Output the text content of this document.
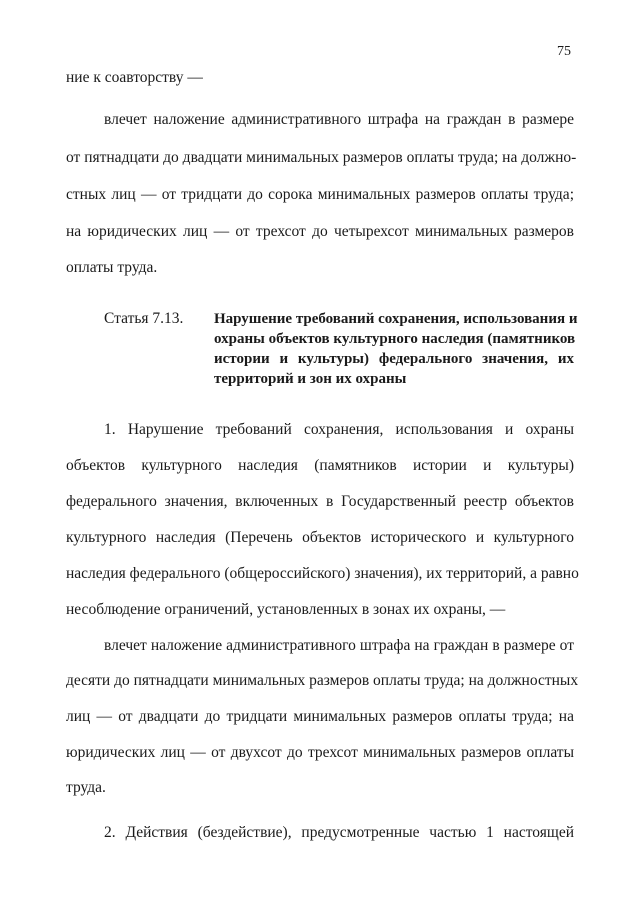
75
ние к соавторству —
влечет наложение административного штрафа на граждан в размере
от пятнадцати до двадцати минимальных размеров оплаты труда; на должно-
стных лиц — от тридцати до сорока минимальных размеров оплаты труда;
на юридических лиц — от трехсот до четырехсот минимальных размеров
оплаты труда.
Статья 7.13. Нарушение требований сохранения, использования и
охраны объектов культурного наследия (памятников
истории и культуры) федерального значения, их
территорий и зон их охраны
1. Нарушение требований сохранения, использования и охраны
объектов культурного наследия (памятников истории и культуры)
федерального значения, включенных в Государственный реестр объектов
культурного наследия (Перечень объектов исторического и культурного
наследия федерального (общероссийского) значения), их территорий, а равно
несоблюдение ограничений, установленных в зонах их охраны, —
влечет наложение административного штрафа на граждан в размере от
десяти до пятнадцати минимальных размеров оплаты труда; на должностных
лиц — от двадцати до тридцати минимальных размеров оплаты труда; на
юридических лиц — от двухсот до трехсот минимальных размеров оплаты
труда.
2. Действия (бездействие), предусмотренные частью 1 настоящей
